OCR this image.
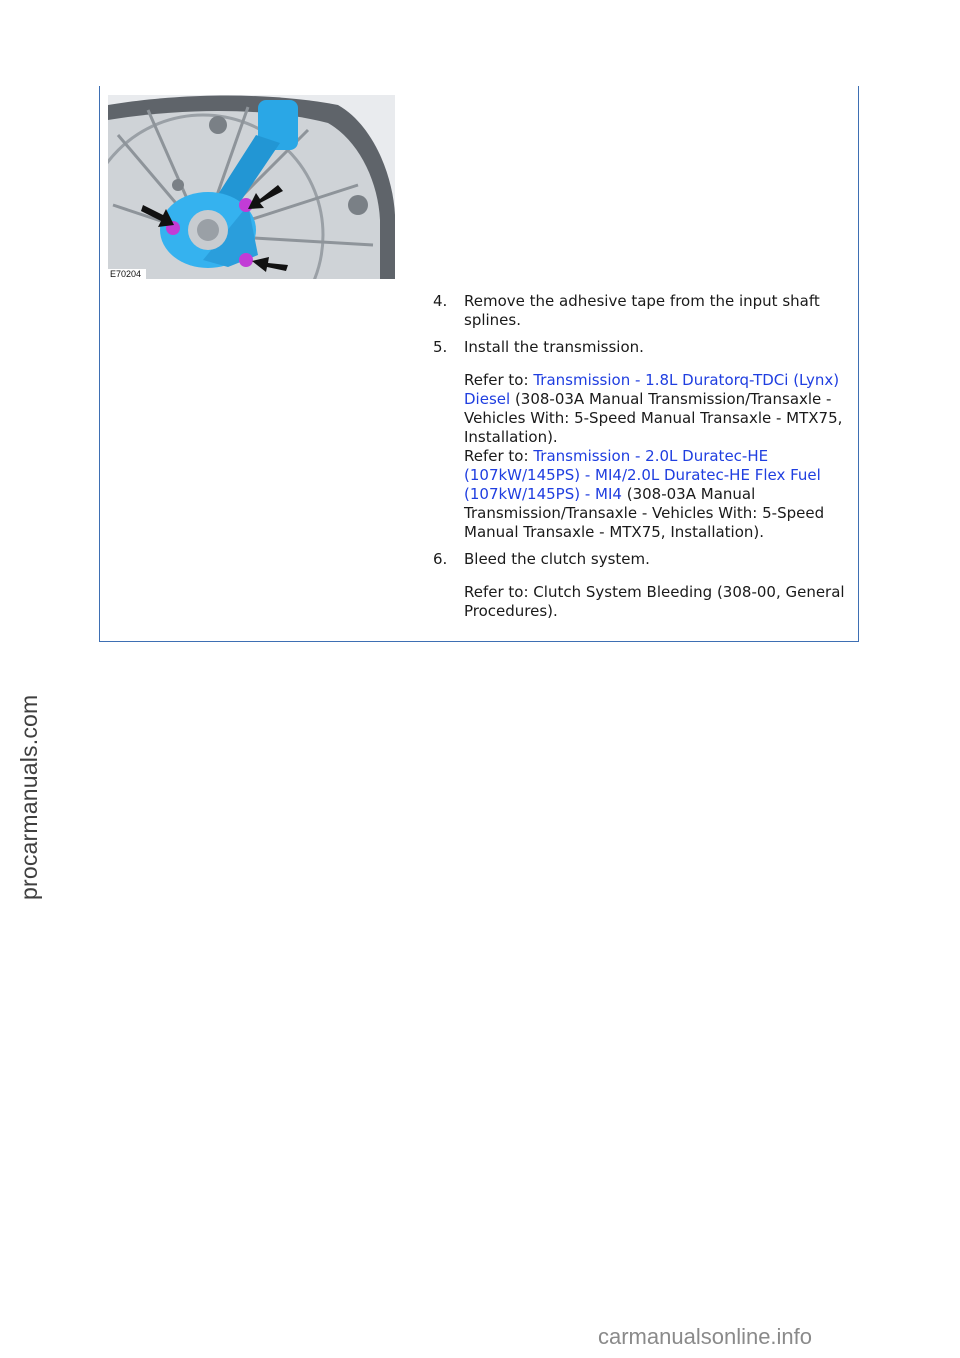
E70204
4. Remove the adhesive tape from the input shaft splines.
5. Install the transmission.
Refer to: Transmission - 1.8L Duratorq-TDCi (Lynx) Diesel (308-03A Manual Transmission/Transaxle - Vehicles With: 5-Speed Manual Transaxle - MTX75, Installation).
Refer to: Transmission - 2.0L Duratec-HE (107kW/145PS) - MI4/2.0L Duratec-HE Flex Fuel (107kW/145PS) - MI4 (308-03A Manual Transmission/Transaxle - Vehicles With: 5-Speed Manual Transaxle - MTX75, Installation).
6. Bleed the clutch system.
Refer to: Clutch System Bleeding (308-00, General Procedures).
procarmanuals.com
carmanualsonline.info
